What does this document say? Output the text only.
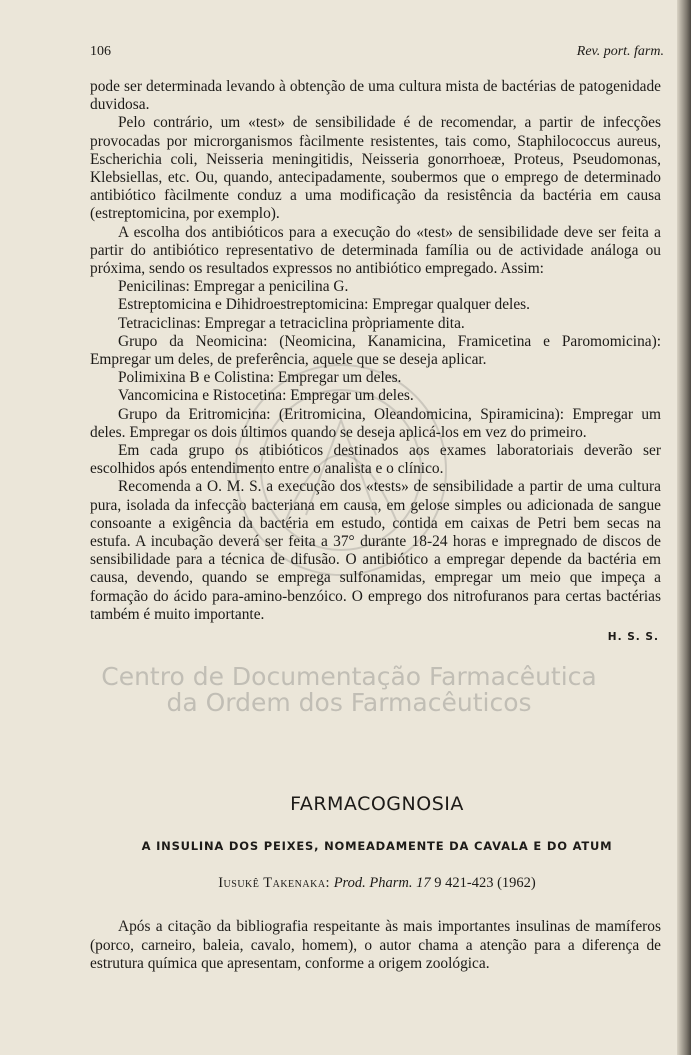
106	Rev. port. farm.

pode ser determinada levando à obtenção de uma cultura mista de bactérias de patogenidade duvidosa.

Pelo contrário, um «test» de sensibilidade é de recomendar, a partir de infecções provocadas por microrganismos fàcilmente resistentes, tais como, Staphilococcus aureus, Escherichia coli, Neisseria meningitidis, Neisseria gonorrhoeæ, Proteus, Pseudomonas, Klebsiellas, etc. Ou, quando, antecipadamente, soubermos que o emprego de determinado antibiótico fàcilmente conduz a uma modificação da resistência da bactéria em causa (estreptomicina, por exemplo).

A escolha dos antibióticos para a execução do «test» de sensibilidade deve ser feita a partir do antibiótico representativo de determinada família ou de actividade análoga ou próxima, sendo os resultados expressos no antibiótico empregado. Assim:

Penicilinas: Empregar a penicilina G.

Estreptomicina e Dihidroestreptomicina: Empregar qualquer deles.

Tetraciclinas: Empregar a tetraciclina pròpriamente dita.

Grupo da Neomicina: (Neomicina, Kanamicina, Framicetina e Paromomicina): Empregar um deles, de preferência, aquele que se deseja aplicar.

Polimixina B e Colistina: Empregar um deles.

Vancomicina e Ristocetina: Empregar um deles.

Grupo da Eritromicina: (Eritromicina, Oleandomicina, Spiramicina): Empregar um deles. Empregar os dois últimos quando se deseja aplicá-los em vez do primeiro.

Em cada grupo os atibióticos destinados aos exames laboratoriais deverão ser escolhidos após entendimento entre o analista e o clínico.

Recomenda a O. M. S. a execução dos «tests» de sensibilidade a partir de uma cultura pura, isolada da infecção bacteriana em causa, em gelose simples ou adicionada de sangue consoante a exigência da bactéria em estudo, contida em caixas de Petri bem secas na estufa. A incubação deverá ser feita a 37° durante 18-24 horas e impregnado de discos de sensibilidade para a técnica de difusão. O antibiótico a empregar depende da bactéria em causa, devendo, quando se emprega sulfonamidas, empregar um meio que impeça a formação do ácido para-amino-benzóico. O emprego dos nitrofuranos para certas bactérias também é muito importante.

H. S. S.
Centro de Documentação Farmacêutica
da Ordem dos Farmacêuticos
FARMACOGNOSIA
A INSULINA DOS PEIXES, NOMEADAMENTE DA CAVALA E DO ATUM
Iusukê Takenaka: Prod. Pharm. 17 9 421-423 (1962)

Após a citação da bibliografia respeitante às mais importantes insulinas de mamíferos (porco, carneiro, baleia, cavalo, homem), o autor chama a atenção para a diferença de estrutura química que apresentam, conforme a origem zoológica.
